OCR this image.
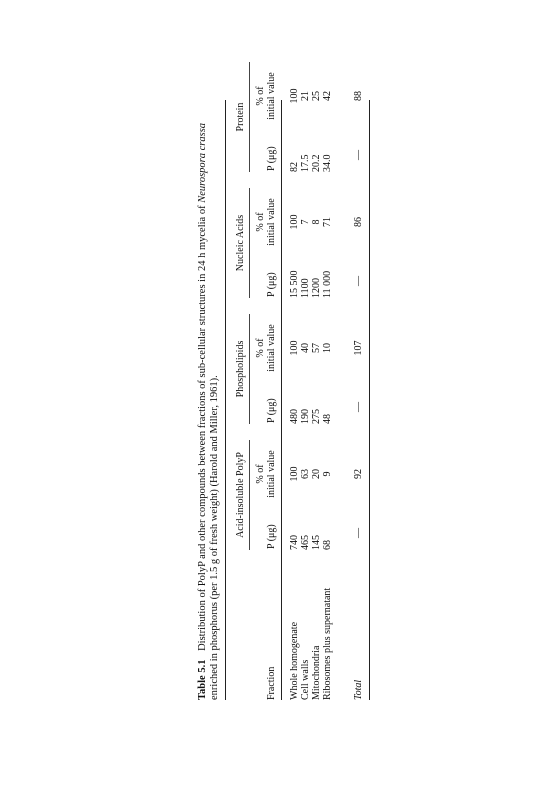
Table 5.1 Distribution of PolyP and other compounds between fractions of sub-cellular structures in 24 h mycelia of Neurospora crassa enriched in phosphorus (per 1.5 g of fresh weight) (Harold and Miller, 1961). Acid-insoluble PolyP
Phospholipids
Nucleic Acids
Protein
P (μg)
% of initial value
P (μg)
% of initial value
P (μg)
% of initial value
P (μg)
% of initial value
Fraction Whole homogenate
740
100
480
100
15 500
100
82
100
Cell walls
465
63
190
40
1100
7
17.5
21
Mitochondria
145
20
275
57
1200
8
20.2
25
Ribosomes plus supernatant
68
9
48
10
11 000
71
34.0
42
Total
—
92
—
107
—
86
—
88
